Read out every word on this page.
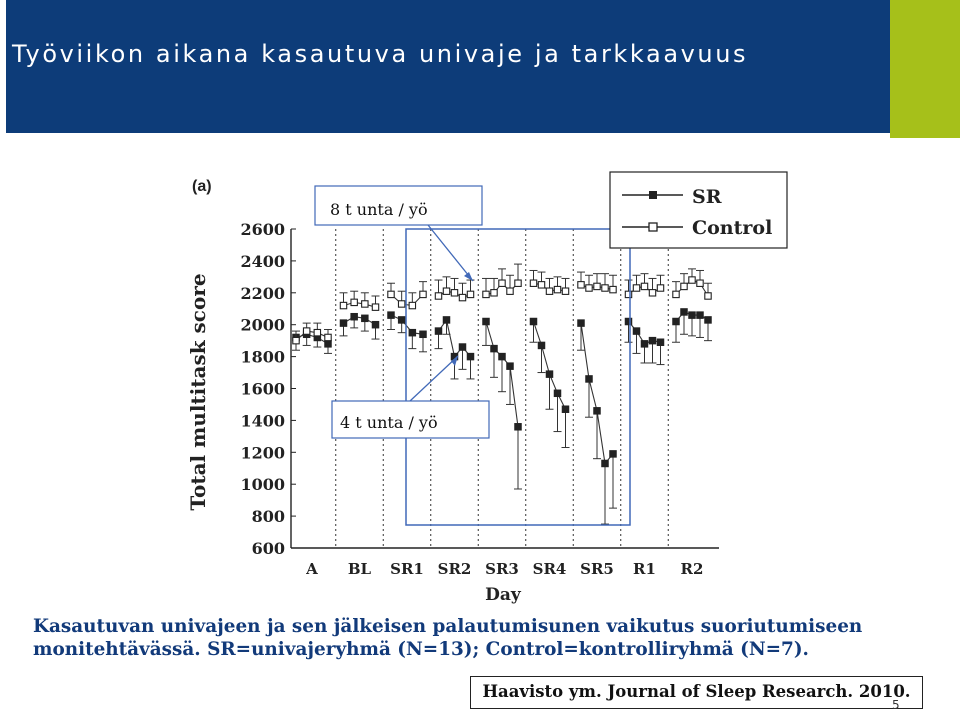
Työviikon aikana kasautuva univaje ja tarkkaavuus
600
800
1000
1200
1400
1600
1800
2000
2200
2400
2600
A BL SR1 SR2 SR3 SR4 SR5 R1 R2
(a)
Total multitask score
Day
8 t unta / yö
4 t unta / yö
SR
Control
Kasautuvan univajeen ja sen jälkeisen palautumisunen vaikutus suoriutumiseen
monitehtävässä. SR=univajeryhmä (N=13); Control=kontrolliryhmä (N=7).
Haavisto ym. Journal of Sleep Research. 2010.
5
